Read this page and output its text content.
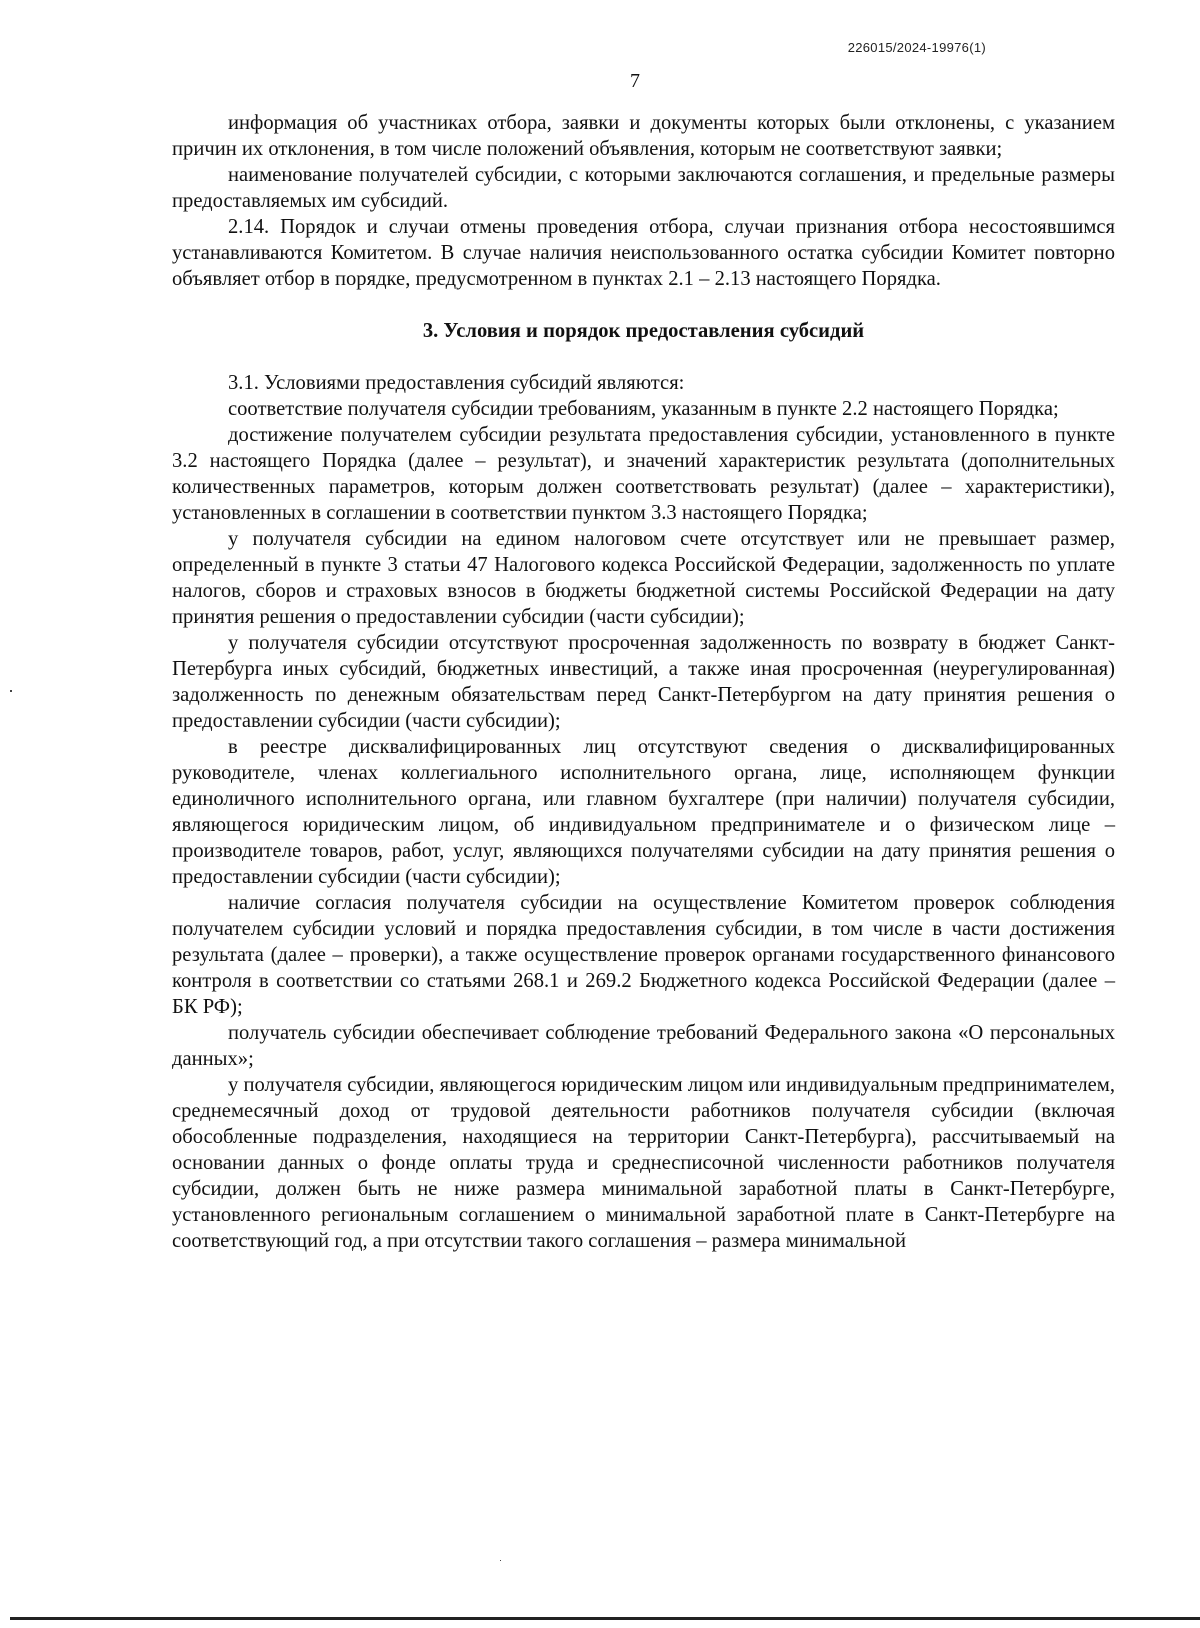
226015/2024-19976(1)
7

информация об участниках отбора, заявки и документы которых были отклонены, с указанием причин их отклонения, в том числе положений объявления, которым не соответствуют заявки;

наименование получателей субсидии, с которыми заключаются соглашения, и предельные размеры предоставляемых им субсидий.

2.14. Порядок и случаи отмены проведения отбора, случаи признания отбора несостоявшимся устанавливаются Комитетом. В случае наличия неиспользованного остатка субсидии Комитет повторно объявляет отбор в порядке, предусмотренном в пунктах 2.1 – 2.13 настоящего Порядка.

3. Условия и порядок предоставления субсидий

3.1. Условиями предоставления субсидий являются:

соответствие получателя субсидии требованиям, указанным в пункте 2.2 настоящего Порядка;

достижение получателем субсидии результата предоставления субсидии, установленного в пункте 3.2 настоящего Порядка (далее – результат), и значений характеристик результата (дополнительных количественных параметров, которым должен соответствовать результат) (далее – характеристики), установленных в соглашении в соответствии пунктом 3.3 настоящего Порядка;

у получателя субсидии на едином налоговом счете отсутствует или не превышает размер, определенный в пункте 3 статьи 47 Налогового кодекса Российской Федерации, задолженность по уплате налогов, сборов и страховых взносов в бюджеты бюджетной системы Российской Федерации на дату принятия решения о предоставлении субсидии (части субсидии);

у получателя субсидии отсутствуют просроченная задолженность по возврату в бюджет Санкт-Петербурга иных субсидий, бюджетных инвестиций, а также иная просроченная (неурегулированная) задолженность по денежным обязательствам перед Санкт-Петербургом на дату принятия решения о предоставлении субсидии (части субсидии);

в реестре дисквалифицированных лиц отсутствуют сведения о дисквалифицированных руководителе, членах коллегиального исполнительного органа, лице, исполняющем функции единоличного исполнительного органа, или главном бухгалтере (при наличии) получателя субсидии, являющегося юридическим лицом, об индивидуальном предпринимателе и о физическом лице – производителе товаров, работ, услуг, являющихся получателями субсидии на дату принятия решения о предоставлении субсидии (части субсидии);

наличие согласия получателя субсидии на осуществление Комитетом проверок соблюдения получателем субсидии условий и порядка предоставления субсидии, в том числе в части достижения результата (далее – проверки), а также осуществление проверок органами государственного финансового контроля в соответствии со статьями 268.1 и 269.2 Бюджетного кодекса Российской Федерации (далее – БК РФ);

получатель субсидии обеспечивает соблюдение требований Федерального закона «О персональных данных»;

у получателя субсидии, являющегося юридическим лицом или индивидуальным предпринимателем, среднемесячный доход от трудовой деятельности работников получателя субсидии (включая обособленные подразделения, находящиеся на территории Санкт-Петербурга), рассчитываемый на основании данных о фонде оплаты труда и среднесписочной численности работников получателя субсидии, должен быть не ниже размера минимальной заработной платы в Санкт-Петербурге, установленного региональным соглашением о минимальной заработной плате в Санкт-Петербурге на соответствующий год, а при отсутствии такого соглашения – размера минимальной
